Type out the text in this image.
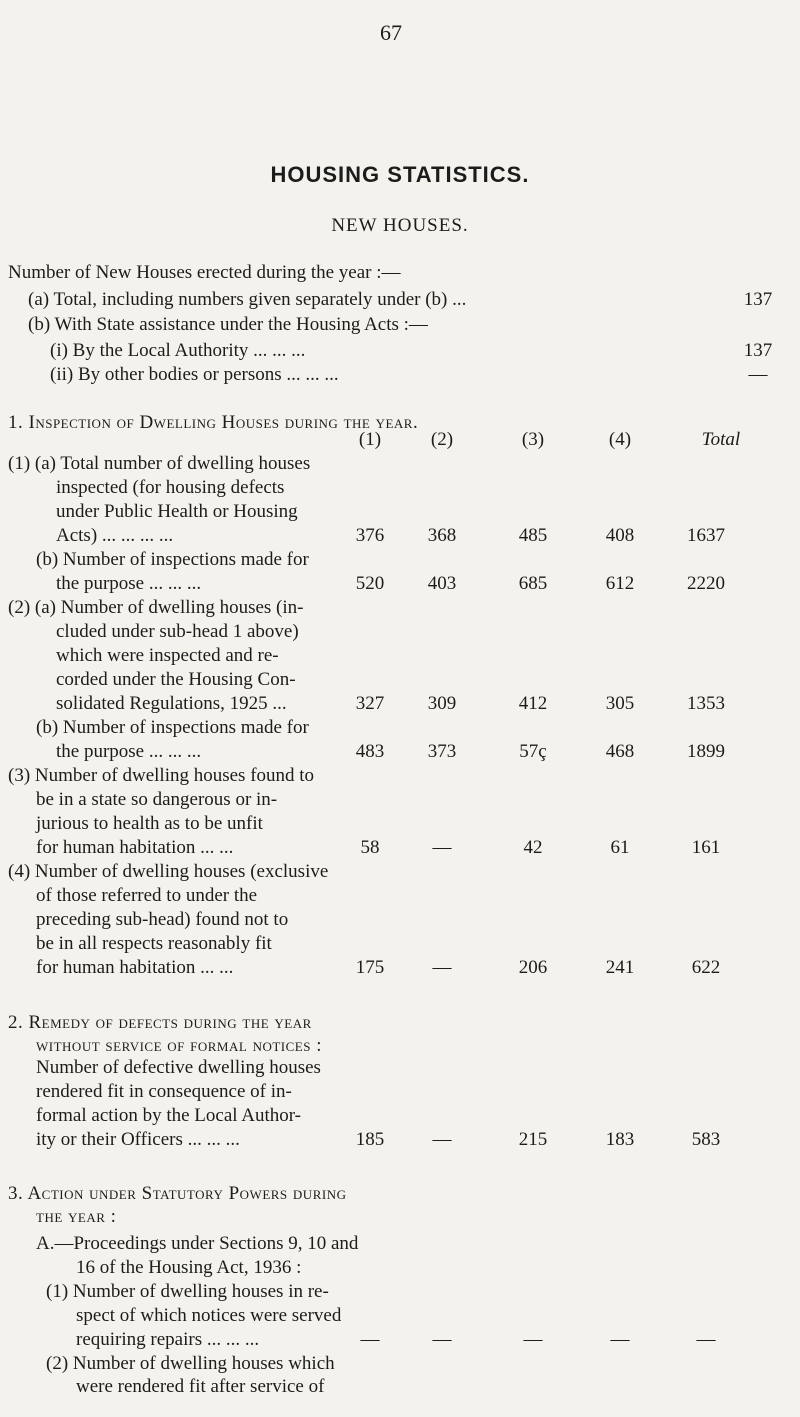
67
HOUSING STATISTICS.
NEW HOUSES.
Number of New Houses erected during the year :—
(a) Total, including numbers given separately under (b) ...	137
(b) With State assistance under the Housing Acts :—
(i) By the Local Authority ... ... ...	137
(ii) By other bodies or persons ... ... ...	—
1. Inspection of Dwelling Houses during the year.
(1)	(2)	(3)	(4)	Total
(1) (a) Total number of dwelling houses
inspected (for housing defects
under Public Health or Housing
Acts) ... ... ... ...	376	368	485	408	1637
(b) Number of inspections made for
the purpose ... ... ...	520	403	685	612	2220
(2) (a) Number of dwelling houses (in-
cluded under sub-head 1 above)
which were inspected and re-
corded under the Housing Con-
solidated Regulations, 1925 ...	327	309	412	305	1353
(b) Number of inspections made for
the purpose ... ... ...	483	373	57ç	468	1899
(3) Number of dwelling houses found to
be in a state so dangerous or in-
jurious to health as to be unfit
for human habitation ... ...	58	—	42	61	161
(4) Number of dwelling houses (exclusive
of those referred to under the
preceding sub-head) found not to
be in all respects reasonably fit
for human habitation ... ...	175	—	206	241	622
2. Remedy of defects during the year
without service of formal notices :
Number of defective dwelling houses
rendered fit in consequence of in-
formal action by the Local Author-
ity or their Officers ... ... ...	185	—	215	183	583
3. Action under Statutory Powers during
the year :
A.—Proceedings under Sections 9, 10 and
16 of the Housing Act, 1936 :
(1) Number of dwelling houses in re-
spect of which notices were served
requiring repairs ... ... ...	—	—	—	—	—
(2) Number of dwelling houses which
were rendered fit after service of
